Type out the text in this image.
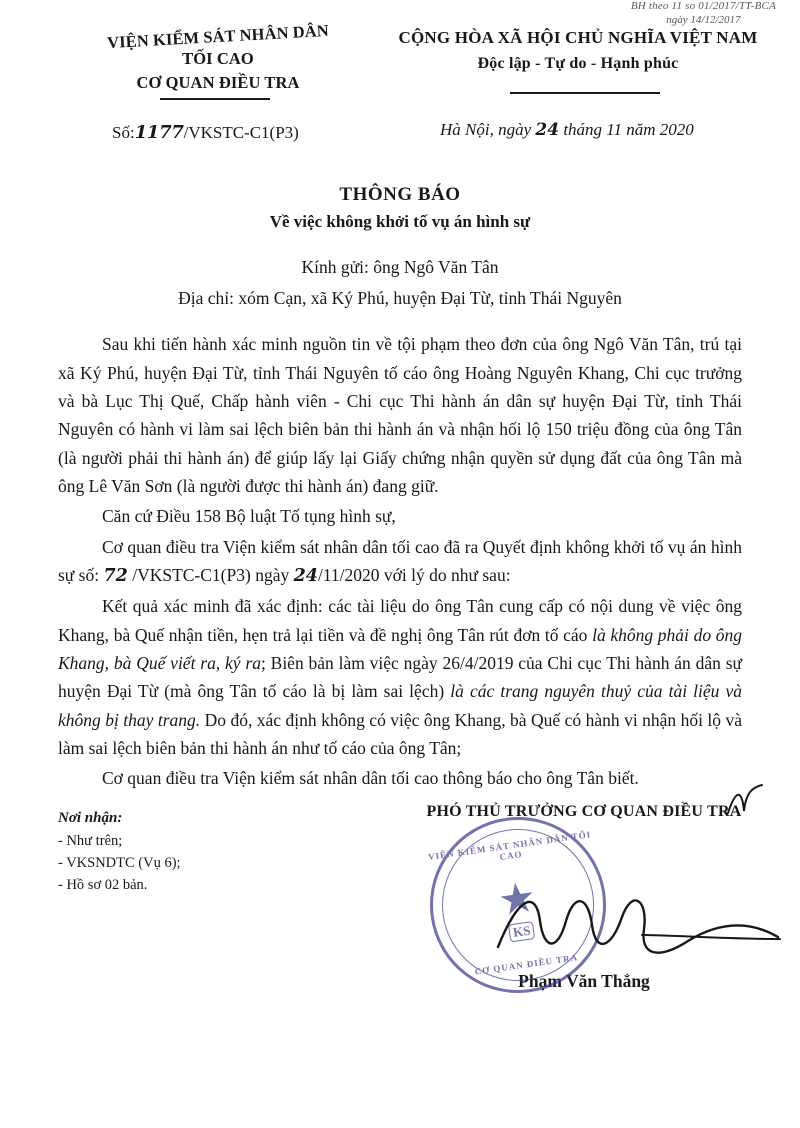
BH theo 11 so 01/2017/TT-BCA
ngày 14/12/2017
VIỆN KIỂM SÁT NHÂN DÂN
TỐI CAO
CƠ QUAN ĐIỀU TRA
CỘNG HÒA XÃ HỘI CHỦ NGHĨA VIỆT NAM
Độc lập - Tự do - Hạnh phúc
Số:1177/VKSTC-C1(P3)	Hà Nội, ngày 24 tháng 11 năm 2020
THÔNG BÁO
Về việc không khởi tố vụ án hình sự
Kính gửi: ông Ngô Văn Tân
Địa chỉ: xóm Cạn, xã Ký Phú, huyện Đại Từ, tỉnh Thái Nguyên

Sau khi tiến hành xác minh nguồn tin về tội phạm theo đơn của ông Ngô Văn Tân, trú tại xã Ký Phú, huyện Đại Từ, tỉnh Thái Nguyên tố cáo ông Hoàng Nguyên Khang, Chi cục trưởng và bà Lục Thị Quế, Chấp hành viên - Chi cục Thi hành án dân sự huyện Đại Từ, tỉnh Thái Nguyên có hành vi làm sai lệch biên bản thi hành án và nhận hối lộ 150 triệu đồng của ông Tân (là người phải thi hành án) để giúp lấy lại Giấy chứng nhận quyền sử dụng đất của ông Tân mà ông Lê Văn Sơn (là người được thi hành án) đang giữ.

Căn cứ Điều 158 Bộ luật Tố tụng hình sự,

Cơ quan điều tra Viện kiểm sát nhân dân tối cao đã ra Quyết định không khởi tố vụ án hình sự số: 72 /VKSTC-C1(P3) ngày 24/11/2020 với lý do như sau:

Kết quả xác minh đã xác định: các tài liệu do ông Tân cung cấp có nội dung về việc ông Khang, bà Quế nhận tiền, hẹn trả lại tiền và đề nghị ông Tân rút đơn tố cáo là không phải do ông Khang, bà Quế viết ra, ký ra; Biên bản làm việc ngày 26/4/2019 của Chi cục Thi hành án dân sự huyện Đại Từ (mà ông Tân tố cáo là bị làm sai lệch) là các trang nguyên thuỷ của tài liệu và không bị thay trang. Do đó, xác định không có việc ông Khang, bà Quế có hành vi nhận hối lộ và làm sai lệch biên bản thi hành án như tố cáo của ông Tân;

Cơ quan điều tra Viện kiểm sát nhân dân tối cao thông báo cho ông Tân biết.

Nơi nhận:
- Như trên;
- VKSNDTC (Vụ 6);
- Hồ sơ 02 bản.
PHÓ THỦ TRƯỞNG CƠ QUAN ĐIỀU TRA
Phạm Văn Thắng
VIỆN KIỂM SÁT NHÂN DÂN TỐI CAO
★
KS
CƠ QUAN ĐIỀU TRA
